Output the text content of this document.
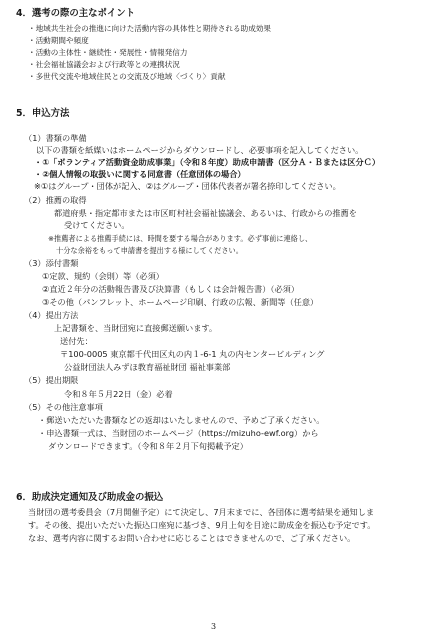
4．選考の際の主なポイント
・地域共生社会の推進に向けた活動内容の具体性と期待される助成効果
・活動期間や頻度
・活動の主体性・継続性・発展性・情報発信力
・社会福祉協議会および行政等との連携状況
・多世代交流や地域住民との交流及び地域〈づくり〉貢献
5．申込方法
（1）書類の準備
以下の書類を紙媒いはホームページからダウンロードし、必要事項を記入してください。
・①「ボランティア活動資金助成事業」（令和８年度）助成申請書（区分Ａ・Ｂまたは区分Ｃ）
・②個人情報の取扱いに関する同意書（任意団体の場合）
※①はグループ・団体が記入、②はグループ・団体代表者が署名捺印してください。
（2）推薦の取得
都道府県・指定都市または市区町村社会福祉協議会、あるいは、行政からの推薦を
受けてください。
※推薦者による推薦手続には、時間を要する場合があります。必ず事前に連絡し、
十分な余裕をもって申請書を提出する様にしてください。
（3）添付書類
①定款、規約（会則）等（必須）
②直近２年分の活動報告書及び決算書（もしくは会計報告書）（必須）
③その他（パンフレット、ホームページ印刷、行政の広報、新聞等（任意）
（4）提出方法
上記書類を、当財団宛に直接郵送願います。
送付先：
〒100-0005 東京都千代田区丸の内１-6-1 丸の内センタービルディング
公益財団法人みずほ教育福祉財団 福祉事業部
（5）提出期限
令和８年５月22日（金）必着
（5）その他注意事項
・郵送いただいた書類などの返却はいたしませんので、予めご了承ください。
・申込書類一式は、当財団のホームページ（https://mizuho-ewf.org）から
ダウンロードできます。（令和８年２月下旬掲載予定）
6．助成決定通知及び助成金の振込
当財団の選考委員会（7月開催予定）にて決定し、7月末までに、各団体に選考結果を通知しま
す。その後、提出いただいた振込口座宛に基づき、9月上旬を目途に助成金を振込む予定です。
なお、選考内容に関するお問い合わせに応じることはできませんので、ご了承ください。
3
